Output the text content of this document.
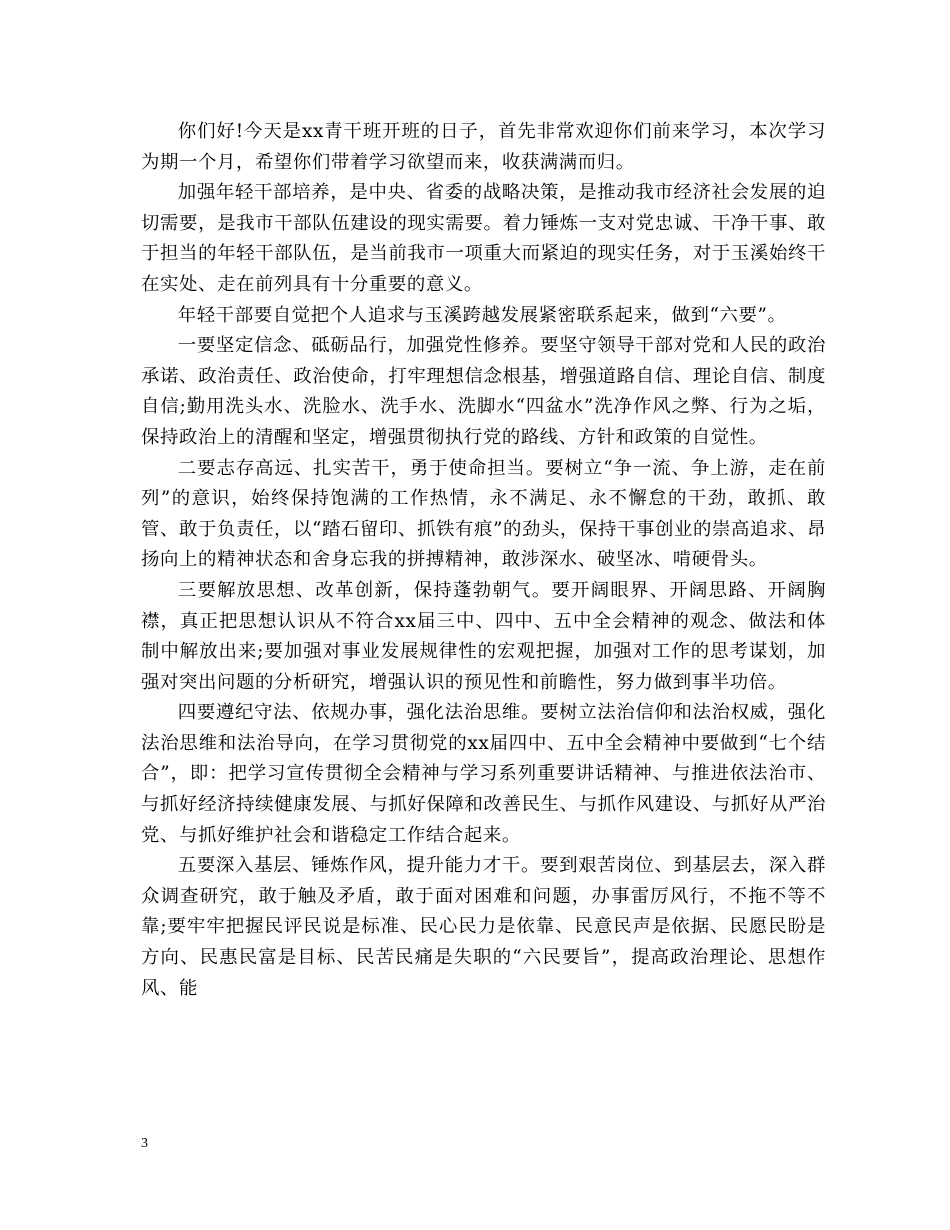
你们好!今天是xx青干班开班的日子，首先非常欢迎你们前来学习，本次学习为期一个月，希望你们带着学习欲望而来，收获满满而归。

加强年轻干部培养，是中央、省委的战略决策，是推动我市经济社会发展的迫切需要，是我市干部队伍建设的现实需要。着力锤炼一支对党忠诚、干净干事、敢于担当的年轻干部队伍，是当前我市一项重大而紧迫的现实任务，对于玉溪始终干在实处、走在前列具有十分重要的意义。

年轻干部要自觉把个人追求与玉溪跨越发展紧密联系起来，做到“六要”。

一要坚定信念、砥砺品行，加强党性修养。要坚守领导干部对党和人民的政治承诺、政治责任、政治使命，打牢理想信念根基，增强道路自信、理论自信、制度自信;勤用洗头水、洗脸水、洗手水、洗脚水“四盆水”洗净作风之弊、行为之垢，保持政治上的清醒和坚定，增强贯彻执行党的路线、方针和政策的自觉性。

二要志存高远、扎实苦干，勇于使命担当。要树立“争一流、争上游，走在前列”的意识，始终保持饱满的工作热情，永不满足、永不懈怠的干劲，敢抓、敢管、敢于负责任，以“踏石留印、抓铁有痕”的劲头，保持干事创业的崇高追求、昂扬向上的精神状态和舍身忘我的拼搏精神，敢涉深水、破坚冰、啃硬骨头。

三要解放思想、改革创新，保持蓬勃朝气。要开阔眼界、开阔思路、开阔胸襟，真正把思想认识从不符合xx届三中、四中、五中全会精神的观念、做法和体制中解放出来;要加强对事业发展规律性的宏观把握，加强对工作的思考谋划，加强对突出问题的分析研究，增强认识的预见性和前瞻性，努力做到事半功倍。

四要遵纪守法、依规办事，强化法治思维。要树立法治信仰和法治权威，强化法治思维和法治导向，在学习贯彻党的xx届四中、五中全会精神中要做到“七个结合”，即：把学习宣传贯彻全会精神与学习系列重要讲话精神、与推进依法治市、与抓好经济持续健康发展、与抓好保障和改善民生、与抓作风建设、与抓好从严治党、与抓好维护社会和谐稳定工作结合起来。

五要深入基层、锤炼作风，提升能力才干。要到艰苦岗位、到基层去，深入群众调查研究，敢于触及矛盾，敢于面对困难和问题，办事雷厉风行，不拖不等不靠;要牢牢把握民评民说是标准、民心民力是依靠、民意民声是依据、民愿民盼是方向、民惠民富是目标、民苦民痛是失职的“六民要旨”，提高政治理论、思想作风、能

3
